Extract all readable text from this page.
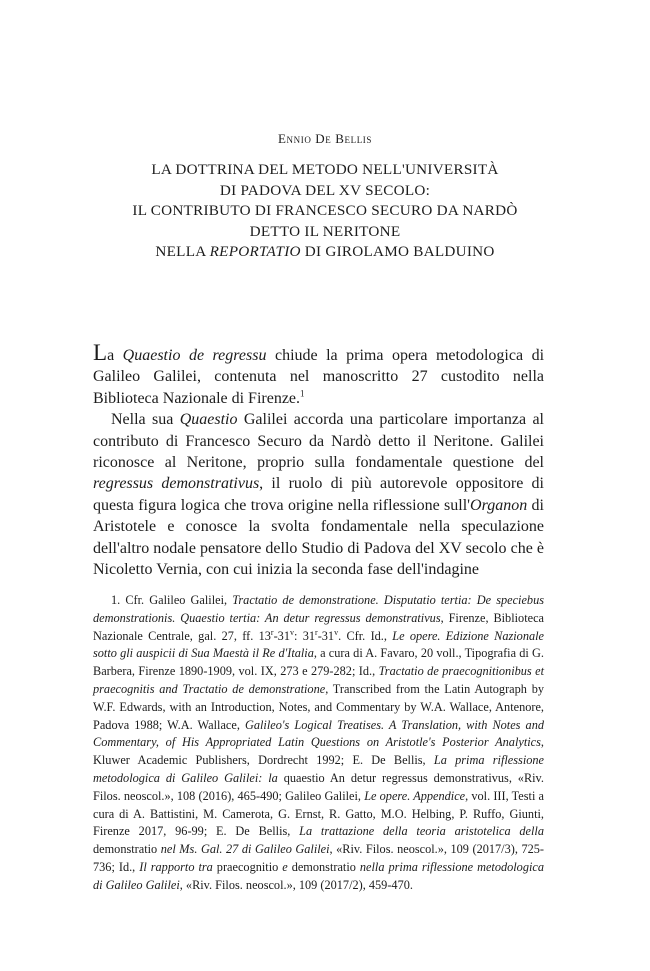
Ennio De Bellis
LA DOTTRINA DEL METODO NELL'UNIVERSITÀ
DI PADOVA DEL XV SECOLO:
IL CONTRIBUTO DI FRANCESCO SECURO DA NARDÒ
DETTO IL NERITONE
NELLA REPORTATIO DI GIROLAMO BALDUINO

La Quaestio de regressu chiude la prima opera metodologica di Galileo Galilei, contenuta nel manoscritto 27 custodito nella Biblioteca Nazionale di Firenze.$^1$

Nella sua Quaestio Galilei accorda una particolare importanza al contributo di Francesco Securo da Nardò detto il Neritone. Galilei riconosce al Neritone, proprio sulla fondamentale questione del regressus demonstrativus, il ruolo di più autorevole oppositore di questa figura logica che trova origine nella riflessione sull'Organon di Aristotele e conosce la svolta fondamentale nella speculazione dell'altro nodale pensatore dello Studio di Padova del XV secolo che è Nicoletto Vernia, con cui inizia la seconda fase dell'indagine

1. Cfr. Galileo Galilei, Tractatio de demonstratione. Disputatio tertia: De speciebus demonstrationis. Quaestio tertia: An detur regressus demonstrativus, Firenze, Biblioteca Nazionale Centrale, gal. 27, ff. 13$^r$-31$^v$: 31$^r$-31$^v$. Cfr. Id., Le opere. Edizione Nazionale sotto gli auspicii di Sua Maestà il Re d'Italia, a cura di A. Favaro, 20 voll., Tipografia di G. Barbera, Firenze 1890-1909, vol. IX, 273 e 279-282; Id., Tractatio de praecognitionibus et praecognitis and Tractatio de demonstratione, Transcribed from the Latin Autograph by W.F. Edwards, with an Introduction, Notes, and Commentary by W.A. Wallace, Antenore, Padova 1988; W.A. Wallace, Galileo's Logical Treatises. A Translation, with Notes and Commentary, of His Appropriated Latin Questions on Aristotle's Posterior Analytics, Kluwer Academic Publishers, Dordrecht 1992; E. De Bellis, La prima riflessione metodologica di Galileo Galilei: la quaestio An detur regressus demonstrativus, «Riv. Filos. neoscol.», 108 (2016), 465-490; Galileo Galilei, Le opere. Appendice, vol. III, Testi a cura di A. Battistini, M. Camerota, G. Ernst, R. Gatto, M.O. Helbing, P. Ruffo, Giunti, Firenze 2017, 96-99; E. De Bellis, La trattazione della teoria aristotelica della demonstratio nel Ms. Gal. 27 di Galileo Galilei, «Riv. Filos. neoscol.», 109 (2017/3), 725-736; Id., Il rapporto tra praecognitio e demonstratio nella prima riflessione metodologica di Galileo Galilei, «Riv. Filos. neoscol.», 109 (2017/2), 459-470.
